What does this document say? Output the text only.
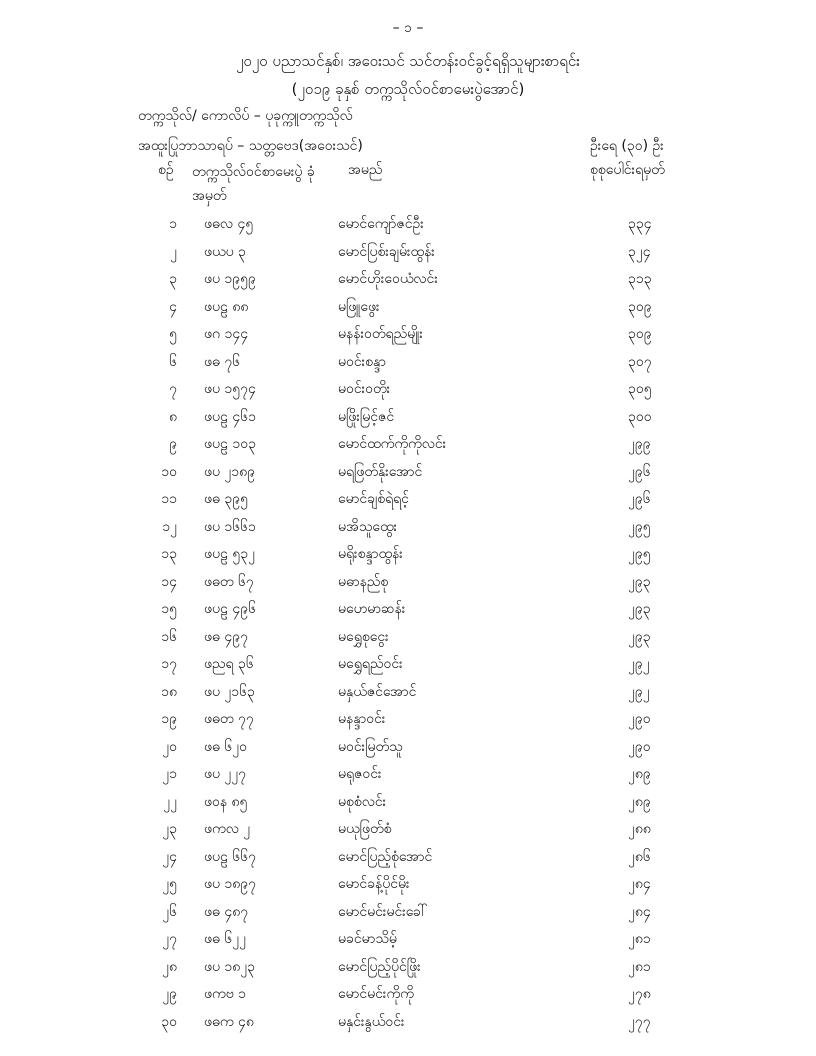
– ၁ –
၂၀၂၀ ပညာသင်နှစ်၊ အဝေးသင် သင်တန်းဝင်ခွင့်ရရှိသူများစာရင်း
(၂၀၁၉ ခုနှစ် တက္ကသိုလ်ဝင်စာမေးပွဲအောင်)
တက္ကသိုလ်/ ကောလိပ် – ပုခုက္ကူတက္ကသိုလ်
အထူးပြုဘာသာရပ် – သတ္တဗေဒ(အဝေးသင်)	ဦးရေ (၃၀) ဦး
စဉ် တက္ကသိုလ်ဝင်စာမေးပွဲ ခုံအမှတ်
အမည်	စုစုပေါင်းရမှတ်
၁ ဖဓလ ၄၅	မောင်ကျော်ဇင်ဦး	၃၃၄
၂ ဖယပ ၃	မောင်ပြစ်းချမ်းထွန်း	၃၂၄
၃ ဖပ ၁၉၅၉	မောင်ဟိုးဝေယံလင်း	၃၁၃
၄ ဖပဠ ၈၈	မဖြူဖွေး	၃၀၉
၅ ဖဂ ၁၄၄	မနန်းဝတ်ရည်မျိုး	၃၀၉
၆ ဖဓ ၇၆	မဝင်းစန္ဒာ	၃၀၇
၇ ဖပ ၁၅၇၄	မဝင်းဝတိုး	၃၀၅
၈ ဖပဠ ၄၆၁	မဖြိုးမြင့်ဇင်	၃၀၀
၉ ဖပဠ ၁၀၃	မောင်ထက်ကိုကိုလင်း	၂၉၉
၁၀ ဖပ ၂၁၈၉	မရဖြတ်နိုးအောင်	၂၉၆
၁၁ ဖဓ ၃၉၅	မောင်ချစ်ရဲရင့်	၂၉၆
၁၂ ဖပ ၁၆၆၁	မအိသူထွေး	၂၉၅
၁၃ ဖပဠ ၅၃၂	မရိုးစန္ဒာထွန်း	၂၉၅
၁၄ ဖဓတ ၆၇	မဓာနည်စု	၂၉၃
၁၅ ဖပဠ ၄၉၆	မဟေမာဆန်း	၂၉၃
၁၆ ဖဓ ၄၉၇	မရွှေစုငွေး	၂၉၃
၁၇ ဖညရ ၃၆	မရွှေရည်ဝင်း	၂၉၂
၁၈ ဖပ ၂၁၆၃	မနှယ်ဇင်အောင်	၂၉၂
၁၉ ဖဓတ ၇၇	မနန္ဒာဝင်း	၂၉၀
၂၀ ဖဓ ၆၂၀	မဝင်းမြတ်သူ	၂၉၀
၂၁ ဖပ ၂၂၇	မရုဇဝင်း	၂၈၉
၂၂ ဖဝန ၈၅	မစုစံလင်း	၂၈၉
၂၃ ဖကလ ၂	မယုဖြတ်စံ	၂၈၈
၂၄ ဖပဠ ၆၆၇	မောင်ပြည့်စုံအောင်	၂၈၆
၂၅ ဖပ ၁၈၉၇	မောင်ခန့်ပိုင်မိုး	၂၈၄
၂၆ ဖဓ ၄၈၇	မောင်မင်းမင်းခေါ်	၂၈၄
၂၇ ဖဓ ၆၂၂	မခင်မာသိမ့်	၂၈၁
၂၈ ဖပ ၁၈၂၃	မောင်ပြည့်ပိုင်ဖြိုး	၂၈၁
၂၉ ဖကဗ ၁	မောင်မင်းကိုကို	၂၇၈
၃၀ ဖဓက ၄၈	မနှင်းနွယ်ဝင်း	၂၇၇
